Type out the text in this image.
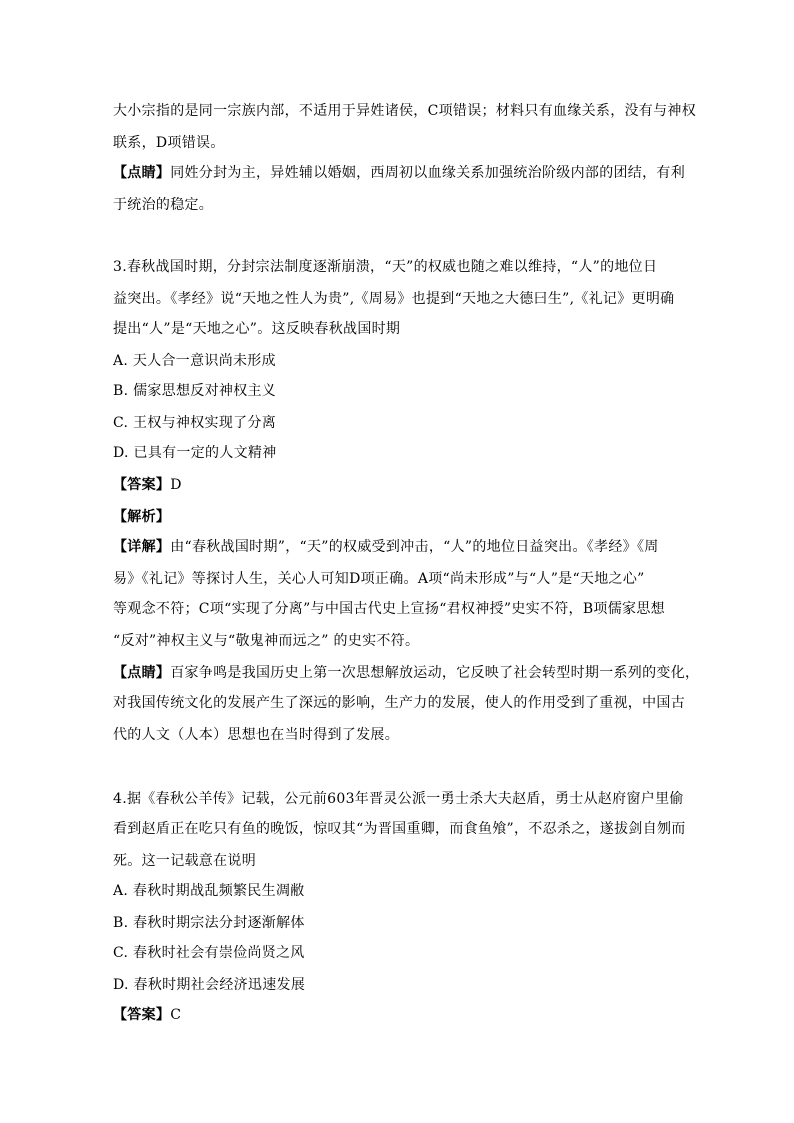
大小宗指的是同一宗族内部，不适用于异姓诸侯，C项错误；材料只有血缘关系，没有与神权
联系，D项错误。
【点睛】同姓分封为主，异姓辅以婚姻，西周初以血缘关系加强统治阶级内部的团结，有利
于统治的稳定。
3.春秋战国时期，分封宗法制度逐渐崩溃，“天”的权威也随之难以维持，“人”的地位日
益突出。《孝经》说“天地之性人为贵”,《周易》也提到“天地之大德曰生”,《礼记》更明确
提出“人”是“天地之心”。这反映春秋战国时期
A. 天人合一意识尚未形成
B. 儒家思想反对神权主义
C. 王权与神权实现了分离
D. 已具有一定的人文精神
【答案】D
【解析】
【详解】由“春秋战国时期”，“天”的权威受到冲击，“人”的地位日益突出。《孝经》《周
易》《礼记》等探讨人生，关心人可知D项正确。A项“尚未形成”与“人”是“天地之心”
等观念不符；C项“实现了分离”与中国古代史上宣扬“君权神授”史实不符，B项儒家思想
“反对”神权主义与“敬鬼神而远之” 的史实不符。
【点睛】百家争鸣是我国历史上第一次思想解放运动，它反映了社会转型时期一系列的变化，
对我国传统文化的发展产生了深远的影响，生产力的发展，使人的作用受到了重视，中国古
代的人文（人本）思想也在当时得到了发展。
4.据《春秋公羊传》记载，公元前603年晋灵公派一勇士杀大夫赵盾，勇士从赵府窗户里偷
看到赵盾正在吃只有鱼的晚饭，惊叹其“为晋国重卿，而食鱼飧”，不忍杀之，遂拔剑自刎而
死。这一记载意在说明
A. 春秋时期战乱频繁民生凋敝
B. 春秋时期宗法分封逐渐解体
C. 春秋时社会有崇俭尚贤之风
D. 春秋时期社会经济迅速发展
【答案】C
